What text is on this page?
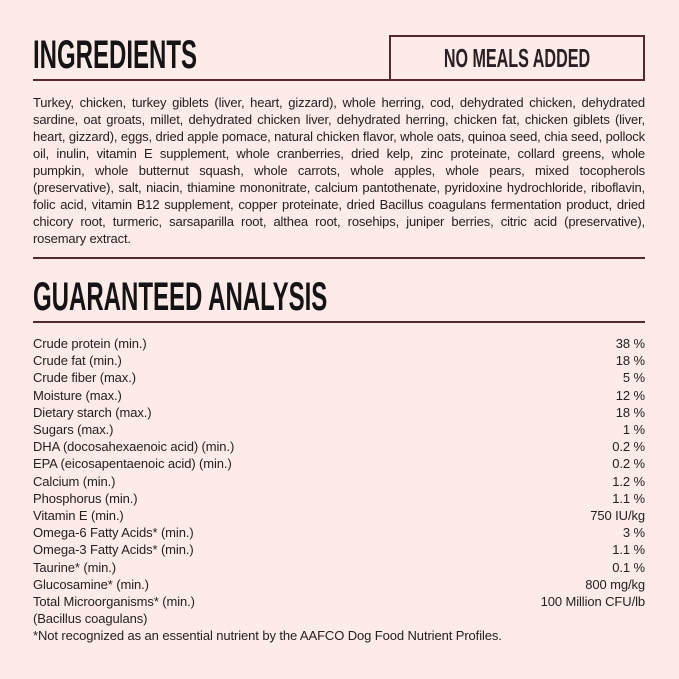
INGREDIENTS	NO MEALS ADDED
Turkey, chicken, turkey giblets (liver, heart, gizzard), whole herring, cod, dehydrated chicken, dehydrated sardine, oat groats, millet, dehydrated chicken liver, dehydrated herring, chicken fat, chicken giblets (liver, heart, gizzard), eggs, dried apple pomace, natural chicken flavor, whole oats, quinoa seed, chia seed, pollock oil, inulin, vitamin E supplement, whole cranberries, dried kelp, zinc proteinate, collard greens, whole pumpkin, whole butternut squash, whole carrots, whole apples, whole pears, mixed tocopherols (preservative), salt, niacin, thiamine mononitrate, calcium pantothenate, pyridoxine hydrochloride, riboflavin, folic acid, vitamin B12 supplement, copper proteinate, dried Bacillus coagulans fermentation product, dried chicory root, turmeric, sarsaparilla root, althea root, rosehips, juniper berries, citric acid (preservative), rosemary extract.
GUARANTEED ANALYSIS
Crude protein (min.)	38 %
Crude fat (min.)	18 %
Crude fiber (max.)	5 %
Moisture (max.)	12 %
Dietary starch (max.)	18 %
Sugars (max.)	1 %
DHA (docosahexaenoic acid) (min.)	0.2 %
EPA (eicosapentaenoic acid) (min.)	0.2 %
Calcium (min.)	1.2 %
Phosphorus (min.)	1.1 %
Vitamin E (min.)	750 IU/kg
Omega-6 Fatty Acids* (min.)	3 %
Omega-3 Fatty Acids* (min.)	1.1 %
Taurine* (min.)	0.1 %
Glucosamine* (min.)	800 mg/kg
Total Microorganisms* (min.)	100 Million CFU/lb
(Bacillus coagulans)
*Not recognized as an essential nutrient by the AAFCO Dog Food Nutrient Profiles.
